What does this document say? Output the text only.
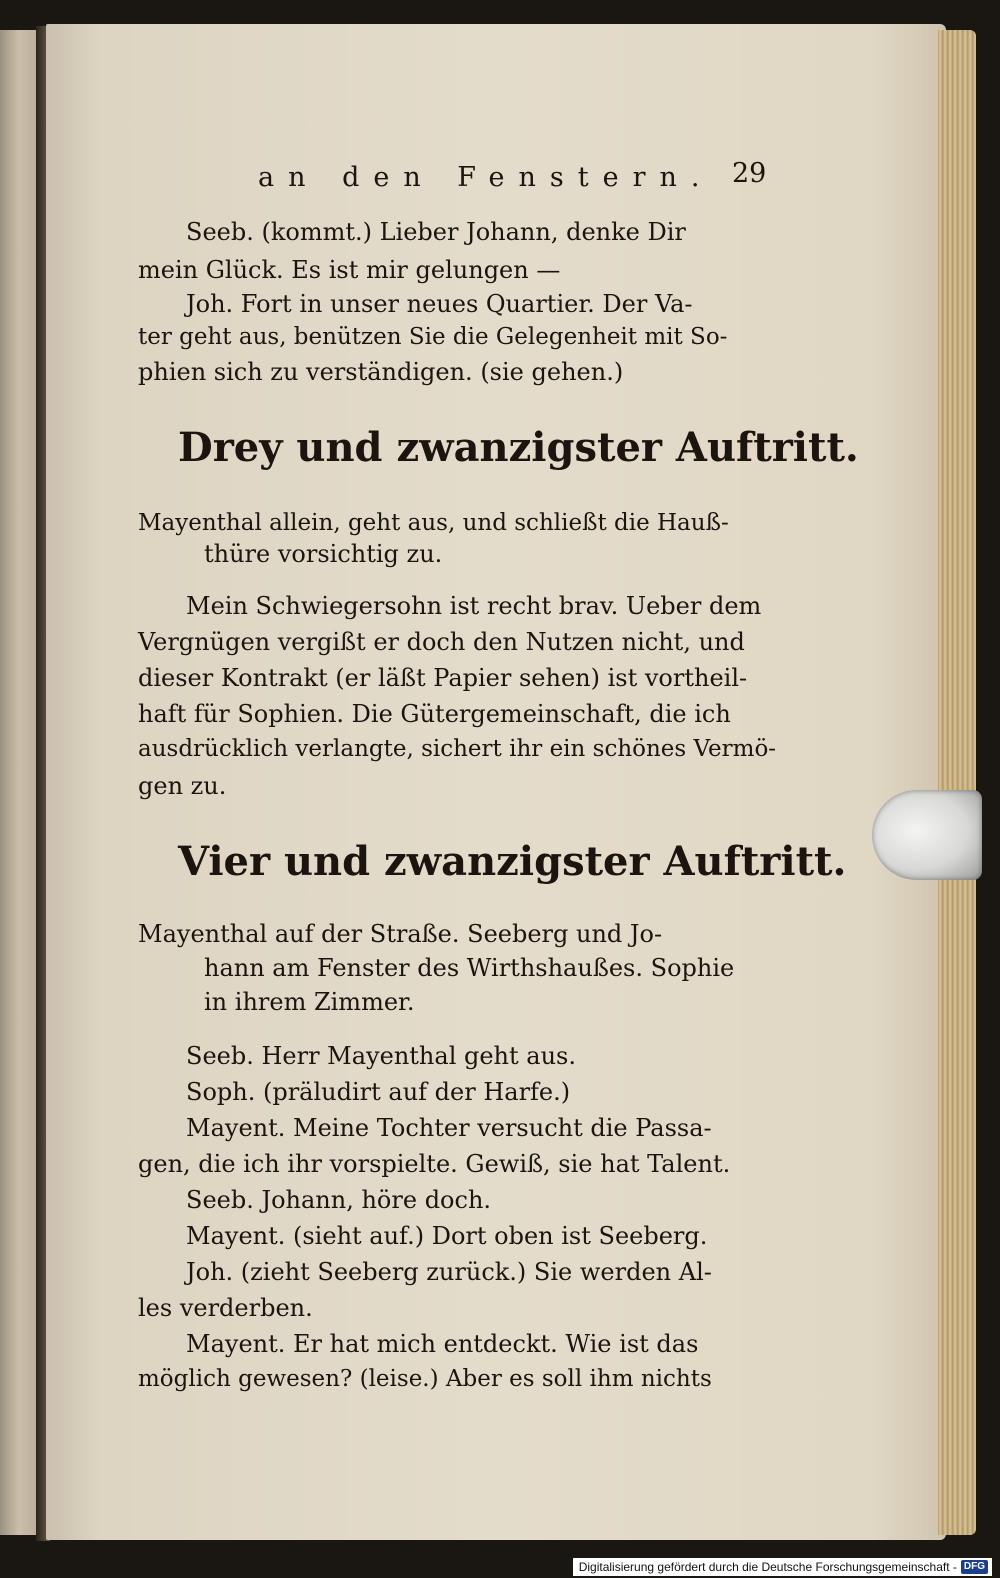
an den Fenstern. 29
Seeb. (kommt.) Lieber Johann, denke Dir
mein Glück. Es ist mir gelungen —
Joh. Fort in unser neues Quartier. Der Va-
ter geht aus, benützen Sie die Gelegenheit mit So-
phien sich zu verständigen. (sie gehen.)
Drey und zwanzigster Auftritt.
Mayenthal allein, geht aus, und schließt die Hauß-
thüre vorsichtig zu.
Mein Schwiegersohn ist recht brav. Ueber dem
Vergnügen vergißt er doch den Nutzen nicht, und
dieser Kontrakt (er läßt Papier sehen) ist vortheil-
haft für Sophien. Die Gütergemeinschaft, die ich
ausdrücklich verlangte, sichert ihr ein schönes Vermö-
gen zu.
Vier und zwanzigster Auftritt.
Mayenthal auf der Straße. Seeberg und Jo-
hann am Fenster des Wirthshaußes. Sophie
in ihrem Zimmer.
Seeb. Herr Mayenthal geht aus.
Soph. (präludirt auf der Harfe.)
Mayent. Meine Tochter versucht die Passa-
gen, die ich ihr vorspielte. Gewiß, sie hat Talent.
Seeb. Johann, höre doch.
Mayent. (sieht auf.) Dort oben ist Seeberg.
Joh. (zieht Seeberg zurück.) Sie werden Al-
les verderben.
Mayent. Er hat mich entdeckt. Wie ist das
möglich gewesen? (leise.) Aber es soll ihm nichts
Digitalisierung gefördert durch die Deutsche Forschungsgemeinschaft - DFG
